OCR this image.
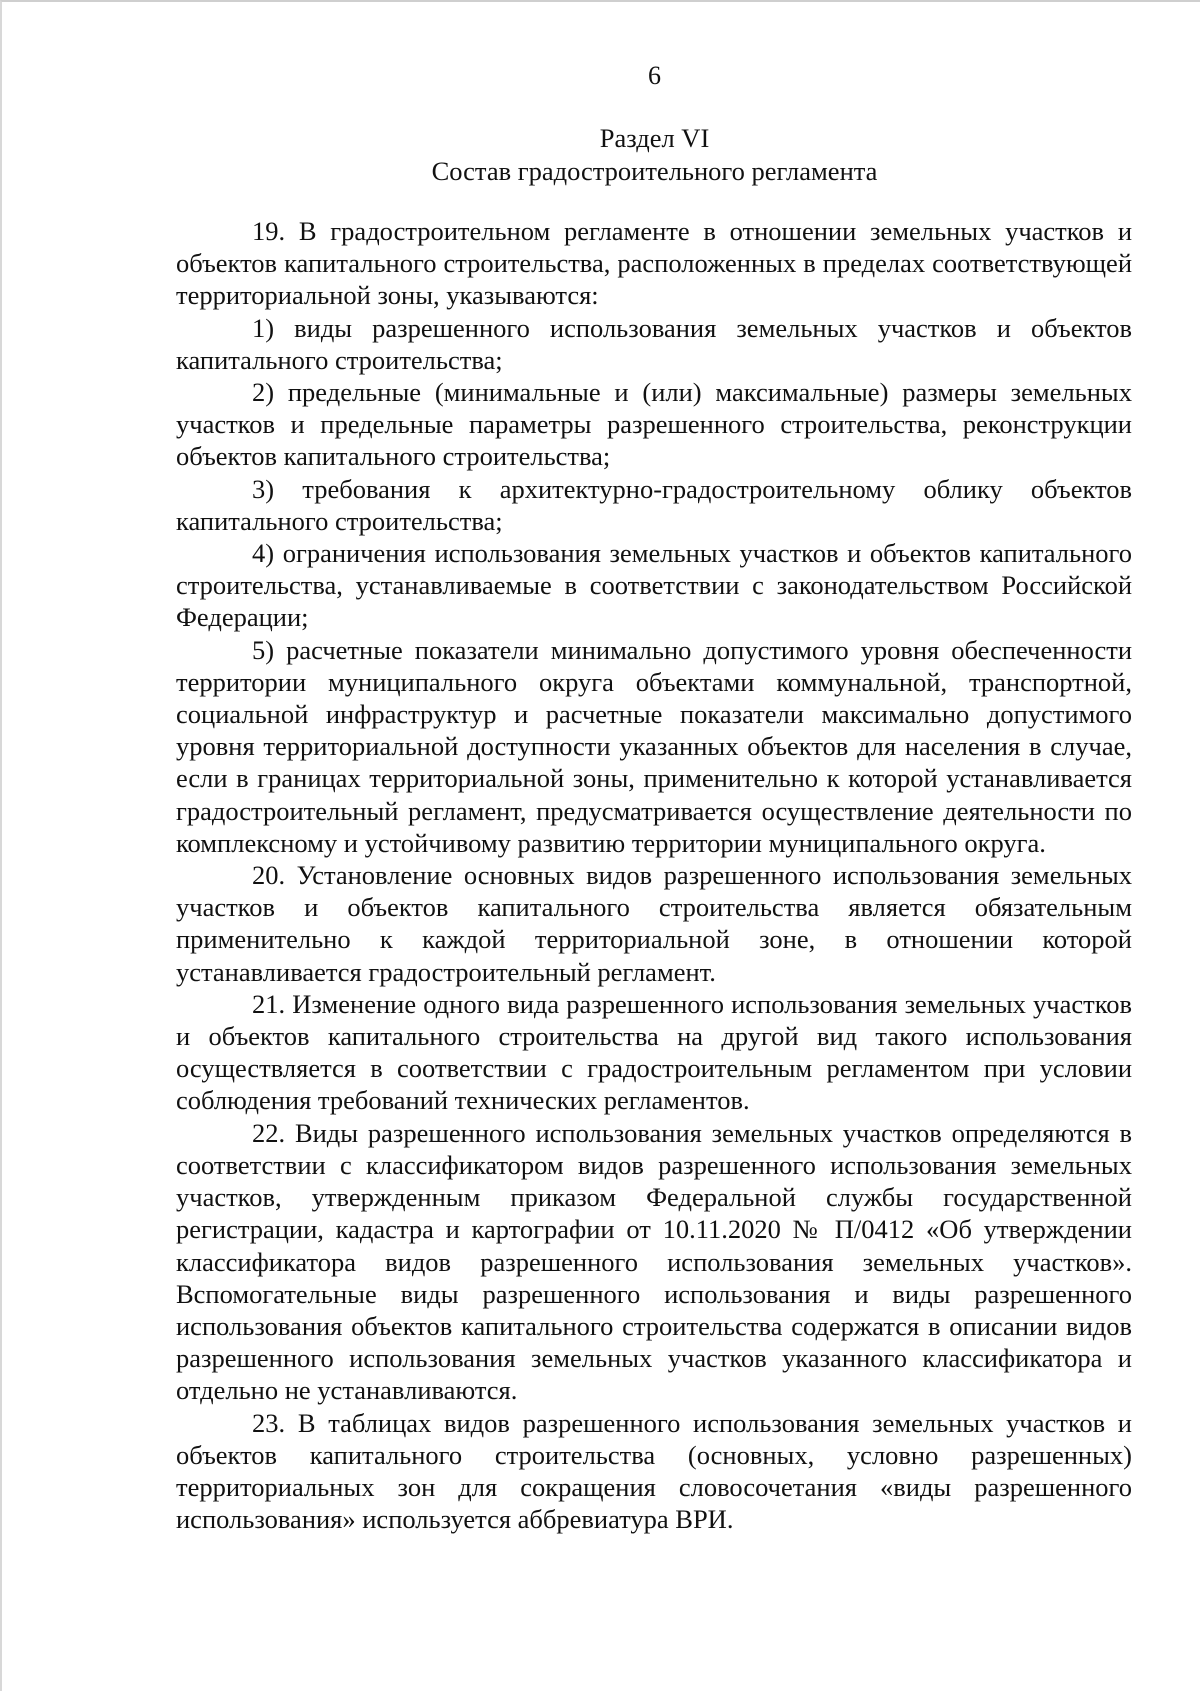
6
Раздел VI
Состав градостроительного регламента

19. В градостроительном регламенте в отношении земельных участков и объектов капитального строительства, расположенных в пределах соответствующей территориальной зоны, указываются:

1) виды разрешенного использования земельных участков и объектов капитального строительства;

2) предельные (минимальные и (или) максимальные) размеры земельных участков и предельные параметры разрешенного строительства, реконструкции объектов капитального строительства;

3) требования к архитектурно-градостроительному облику объектов капитального строительства;

4) ограничения использования земельных участков и объектов капитального строительства, устанавливаемые в соответствии с законодательством Российской Федерации;

5) расчетные показатели минимально допустимого уровня обеспеченности территории муниципального округа объектами коммунальной, транспортной, социальной инфраструктур и расчетные показатели максимально допустимого уровня территориальной доступности указанных объектов для населения в случае, если в границах территориальной зоны, применительно к которой устанавливается градостроительный регламент, предусматривается осуществление деятельности по комплексному и устойчивому развитию территории муниципального округа.

20. Установление основных видов разрешенного использования земельных участков и объектов капитального строительства является обязательным применительно к каждой территориальной зоне, в отношении которой устанавливается градостроительный регламент.

21. Изменение одного вида разрешенного использования земельных участков и объектов капитального строительства на другой вид такого использования осуществляется в соответствии с градостроительным регламентом при условии соблюдения требований технических регламентов.

22. Виды разрешенного использования земельных участков определяются в соответствии с классификатором видов разрешенного использования земельных участков, утвержденным приказом Федеральной службы государственной регистрации, кадастра и картографии от 10.11.2020 № П/0412 «Об утверждении классификатора видов разрешенного использования земельных участков». Вспомогательные виды разрешенного использования и виды разрешенного использования объектов капитального строительства содержатся в описании видов разрешенного использования земельных участков указанного классификатора и отдельно не устанавливаются.

23. В таблицах видов разрешенного использования земельных участков и объектов капитального строительства (основных, условно разрешенных) территориальных зон для сокращения словосочетания «виды разрешенного использования» используется аббревиатура ВРИ.
